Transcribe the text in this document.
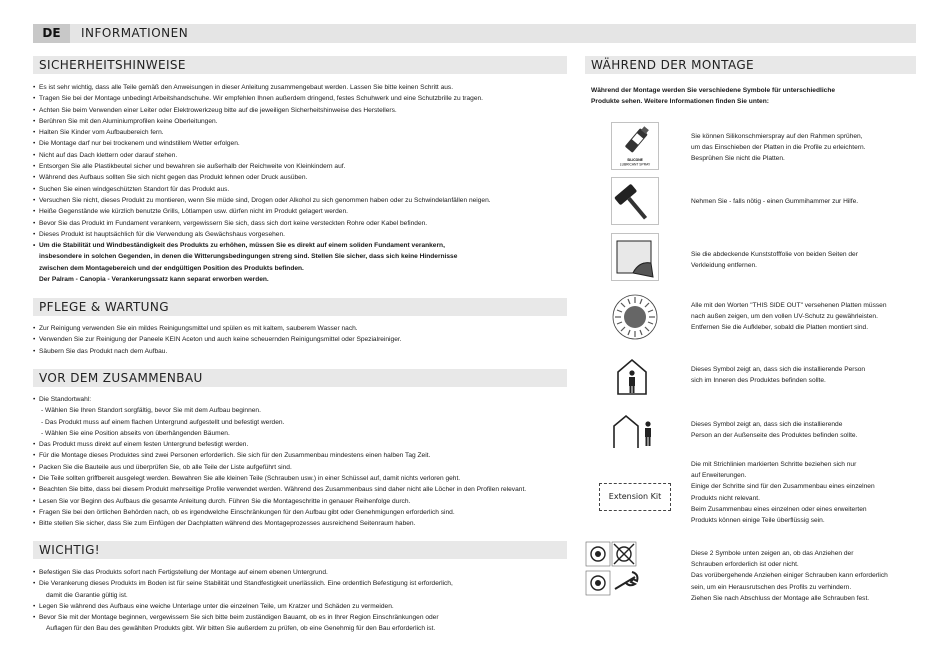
DE	INFORMATIONEN
SICHERHEITSHINWEISE
• Es ist sehr wichtig, dass alle Teile gemäß den Anweisungen in dieser Anleitung zusammengebaut werden. Lassen Sie bitte keinen Schritt aus.
• Tragen Sie bei der Montage unbedingt Arbeitshandschuhe. Wir empfehlen Ihnen außerdem dringend, festes Schuhwerk und eine Schutzbrille zu tragen.
• Achten Sie beim Verwenden einer Leiter oder Elektrowerkzeug bitte auf die jeweiligen Sicherheitshinweise des Herstellers.
• Berühren Sie mit den Aluminiumprofilen keine Oberleitungen.
• Halten Sie Kinder vom Aufbaubereich fern.
• Die Montage darf nur bei trockenem und windstillem Wetter erfolgen.
• Nicht auf das Dach klettern oder darauf stehen.
• Entsorgen Sie alle Plastikbeutel sicher und bewahren sie außerhalb der Reichweite von Kleinkindern auf.
• Während des Aufbaus sollten Sie sich nicht gegen das Produkt lehnen oder Druck ausüben.
• Suchen Sie einen windgeschützten Standort für das Produkt aus.
• Versuchen Sie nicht, dieses Produkt zu montieren, wenn Sie müde sind, Drogen oder Alkohol zu sich genommen haben oder zu Schwindelanfällen neigen.
• Heiße Gegenstände wie kürzlich benutzte Grills, Lötlampen usw. dürfen nicht im Produkt gelagert werden.
• Bevor Sie das Produkt im Fundament verankern, vergewissern Sie sich, dass sich dort keine versteckten Rohre oder Kabel befinden.
• Dieses Produkt ist hauptsächlich für die Verwendung als Gewächshaus vorgesehen.
• Um die Stabilität und Windbeständigkeit des Produkts zu erhöhen, müssen Sie es direkt auf einem soliden Fundament verankern,
insbesondere in solchen Gegenden, in denen die Witterungsbedingungen streng sind. Stellen Sie sicher, dass sich keine Hindernisse
zwischen dem Montagebereich und der endgültigen Position des Produkts befinden.
Der Palram - Canopia - Verankerungssatz kann separat erworben werden.
PFLEGE & WARTUNG
• Zur Reinigung verwenden Sie ein mildes Reinigungsmittel und spülen es mit kaltem, sauberem Wasser nach.
• Verwenden Sie zur Reinigung der Paneele KEIN Aceton und auch keine scheuernden Reinigungsmittel oder Spezialreiniger.
• Säubern Sie das Produkt nach dem Aufbau.
VOR DEM ZUSAMMENBAU
• Die Standortwahl:
- Wählen Sie Ihren Standort sorgfältig, bevor Sie mit dem Aufbau beginnen.
- Das Produkt muss auf einem flachen Untergrund aufgestellt und befestigt werden.
- Wählen Sie eine Position abseits von überhängenden Bäumen.
• Das Produkt muss direkt auf einem festen Untergrund befestigt werden.
• Für die Montage dieses Produktes sind zwei Personen erforderlich. Sie sich für den Zusammenbau mindestens einen halben Tag Zeit.
• Packen Sie die Bauteile aus und überprüfen Sie, ob alle Teile der Liste aufgeführt sind.
• Die Teile sollten griffbereit ausgelegt werden. Bewahren Sie alle kleinen Teile (Schrauben usw.) in einer Schüssel auf, damit nichts verloren geht.
• Beachten Sie bitte, dass bei diesem Produkt mehrseitige Profile verwendet werden. Während des Zusammenbaus sind daher nicht alle Löcher in den Profilen relevant.
• Lesen Sie vor Beginn des Aufbaus die gesamte Anleitung durch. Führen Sie die Montageschritte in genauer Reihenfolge durch.
• Fragen Sie bei den örtlichen Behörden nach, ob es irgendwelche Einschränkungen für den Aufbau gibt oder Genehmigungen erforderlich sind.
• Bitte stellen Sie sicher, dass Sie zum Einfügen der Dachplatten während des Montageprozesses ausreichend Seitenraum haben.
WICHTIG!
• Befestigen Sie das Produkts sofort nach Fertigstellung der Montage auf einem ebenen Untergrund.
• Die Verankerung dieses Produkts im Boden ist für seine Stabilität und Standfestigkeit unerlässlich. Eine ordentlich Befestigung ist erforderlich,
damit die Garantie gültig ist.
• Legen Sie während des Aufbaus eine weiche Unterlage unter die einzelnen Teile, um Kratzer und Schäden zu vermeiden.
• Bevor Sie mit der Montage beginnen, vergewissern Sie sich bitte beim zuständigen Bauamt, ob es in Ihrer Region Einschränkungen oder
Auflagen für den Bau des gewählten Produkts gibt. Wir bitten Sie außerdem zu prüfen, ob eine Genehmig für den Bau erforderlich ist.
WÄHREND DER MONTAGE
Während der Montage werden Sie verschiedene Symbole für unterschiedliche
Produkte sehen. Weitere Informationen finden Sie unten:
SILICONE
LUBRICANT SPRAY
Sie können Silikonschmierspray auf den Rahmen sprühen,
um das Einschieben der Platten in die Profile zu erleichtern.
Besprühen Sie nicht die Platten.
Nehmen Sie - falls nötig - einen Gummihammer zur Hilfe.
Sie die abdeckende Kunststofffolie von beiden Seiten der
Verkleidung entfernen.
Alle mit den Worten "THIS SIDE OUT" versehenen Platten müssen
nach außen zeigen, um den vollen UV-Schutz zu gewährleisten.
Entfernen Sie die Aufkleber, sobald die Platten montiert sind.
Dieses Symbol zeigt an, dass sich die installierende Person
sich im Inneren des Produktes befinden sollte.
Dieses Symbol zeigt an, dass sich die installierende
Person an der Außenseite des Produktes befinden sollte.
Extension Kit
Die mit Strichlinien markierten Schritte beziehen sich nur
auf Erweiterungen.
Einige der Schritte sind für den Zusammenbau eines einzelnen
Produkts nicht relevant.
Beim Zusammenbau eines einzelnen oder eines erweiterten
Produkts können einige Teile überflüssig sein.
Diese 2 Symbole unten zeigen an, ob das Anziehen der
Schrauben erforderlich ist oder nicht.
Das vorübergehende Anziehen einiger Schrauben kann erforderlich
sein, um ein Herausrutschen des Profils zu verhindern.
Ziehen Sie nach Abschluss der Montage alle Schrauben fest.
